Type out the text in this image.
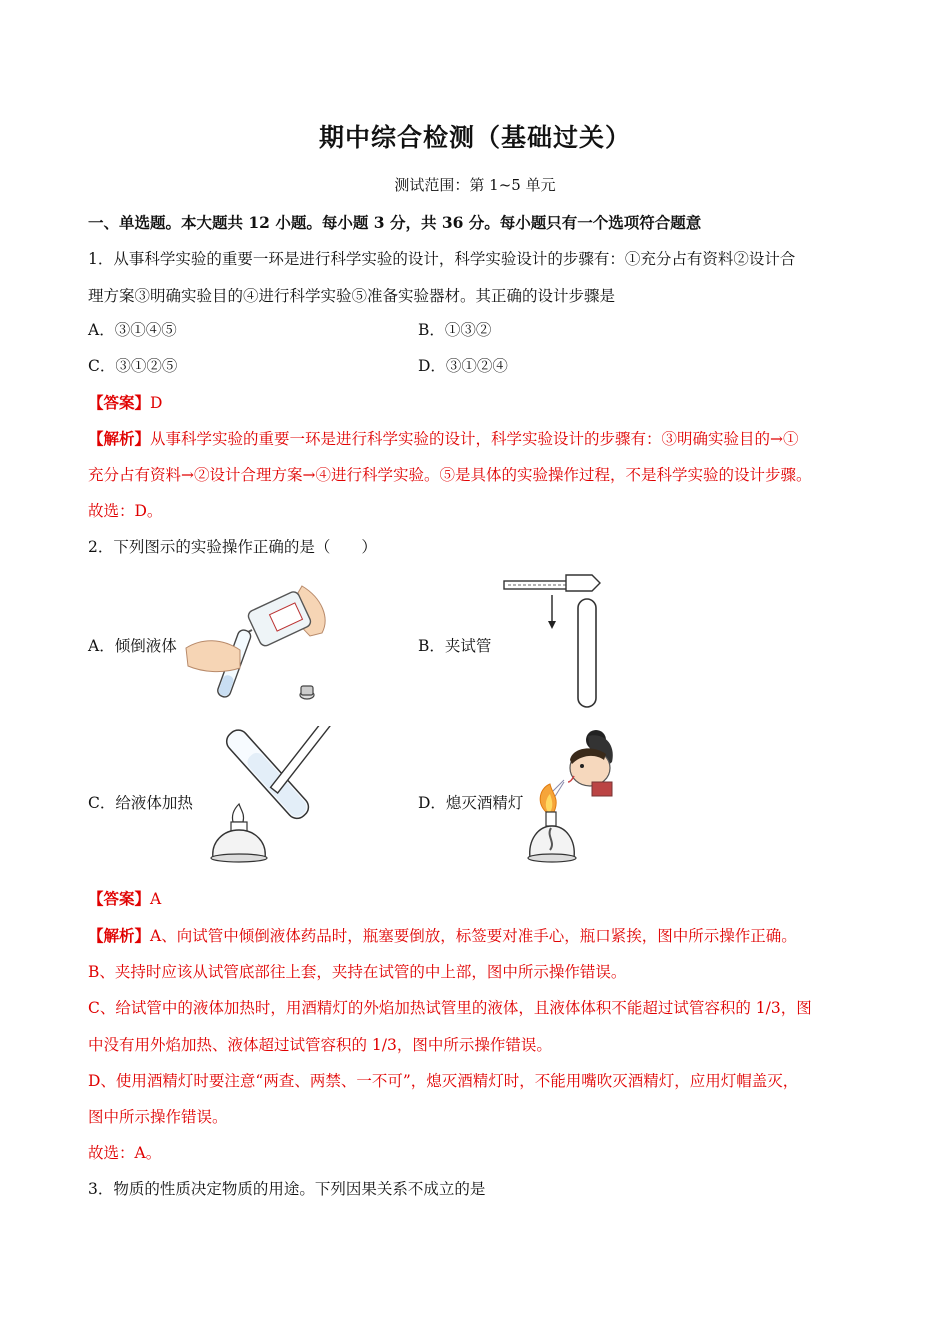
期中综合检测（基础过关）
测试范围：第 1~5 单元
一、单选题。本大题共 12 小题。每小题 3 分，共 36 分。每小题只有一个选项符合题意
1．从事科学实验的重要一环是进行科学实验的设计，科学实验设计的步骤有：①充分占有资料②设计合
理方案③明确实验目的④进行科学实验⑤准备实验器材。其正确的设计步骤是
A．③①④⑤	B．①③②
C．③①②⑤	D．③①②④
【答案】D
【解析】从事科学实验的重要一环是进行科学实验的设计，科学实验设计的步骤有：③明确实验目的→①
充分占有资料→②设计合理方案→④进行科学实验。⑤是具体的实验操作过程，不是科学实验的设计步骤。
故选：D。
2．下列图示的实验操作正确的是（　　）
A．倾倒液体	B．夹试管
C．给液体加热	D．熄灭酒精灯
【答案】A
【解析】A、向试管中倾倒液体药品时，瓶塞要倒放，标签要对准手心，瓶口紧挨，图中所示操作正确。
B、夹持时应该从试管底部往上套，夹持在试管的中上部，图中所示操作错误。
C、给试管中的液体加热时，用酒精灯的外焰加热试管里的液体，且液体体积不能超过试管容积的 1/3，图
中没有用外焰加热、液体超过试管容积的 1/3，图中所示操作错误。
D、使用酒精灯时要注意“两查、两禁、一不可”，熄灭酒精灯时，不能用嘴吹灭酒精灯，应用灯帽盖灭，
图中所示操作错误。
故选：A。
3．物质的性质决定物质的用途。下列因果关系不成立的是
